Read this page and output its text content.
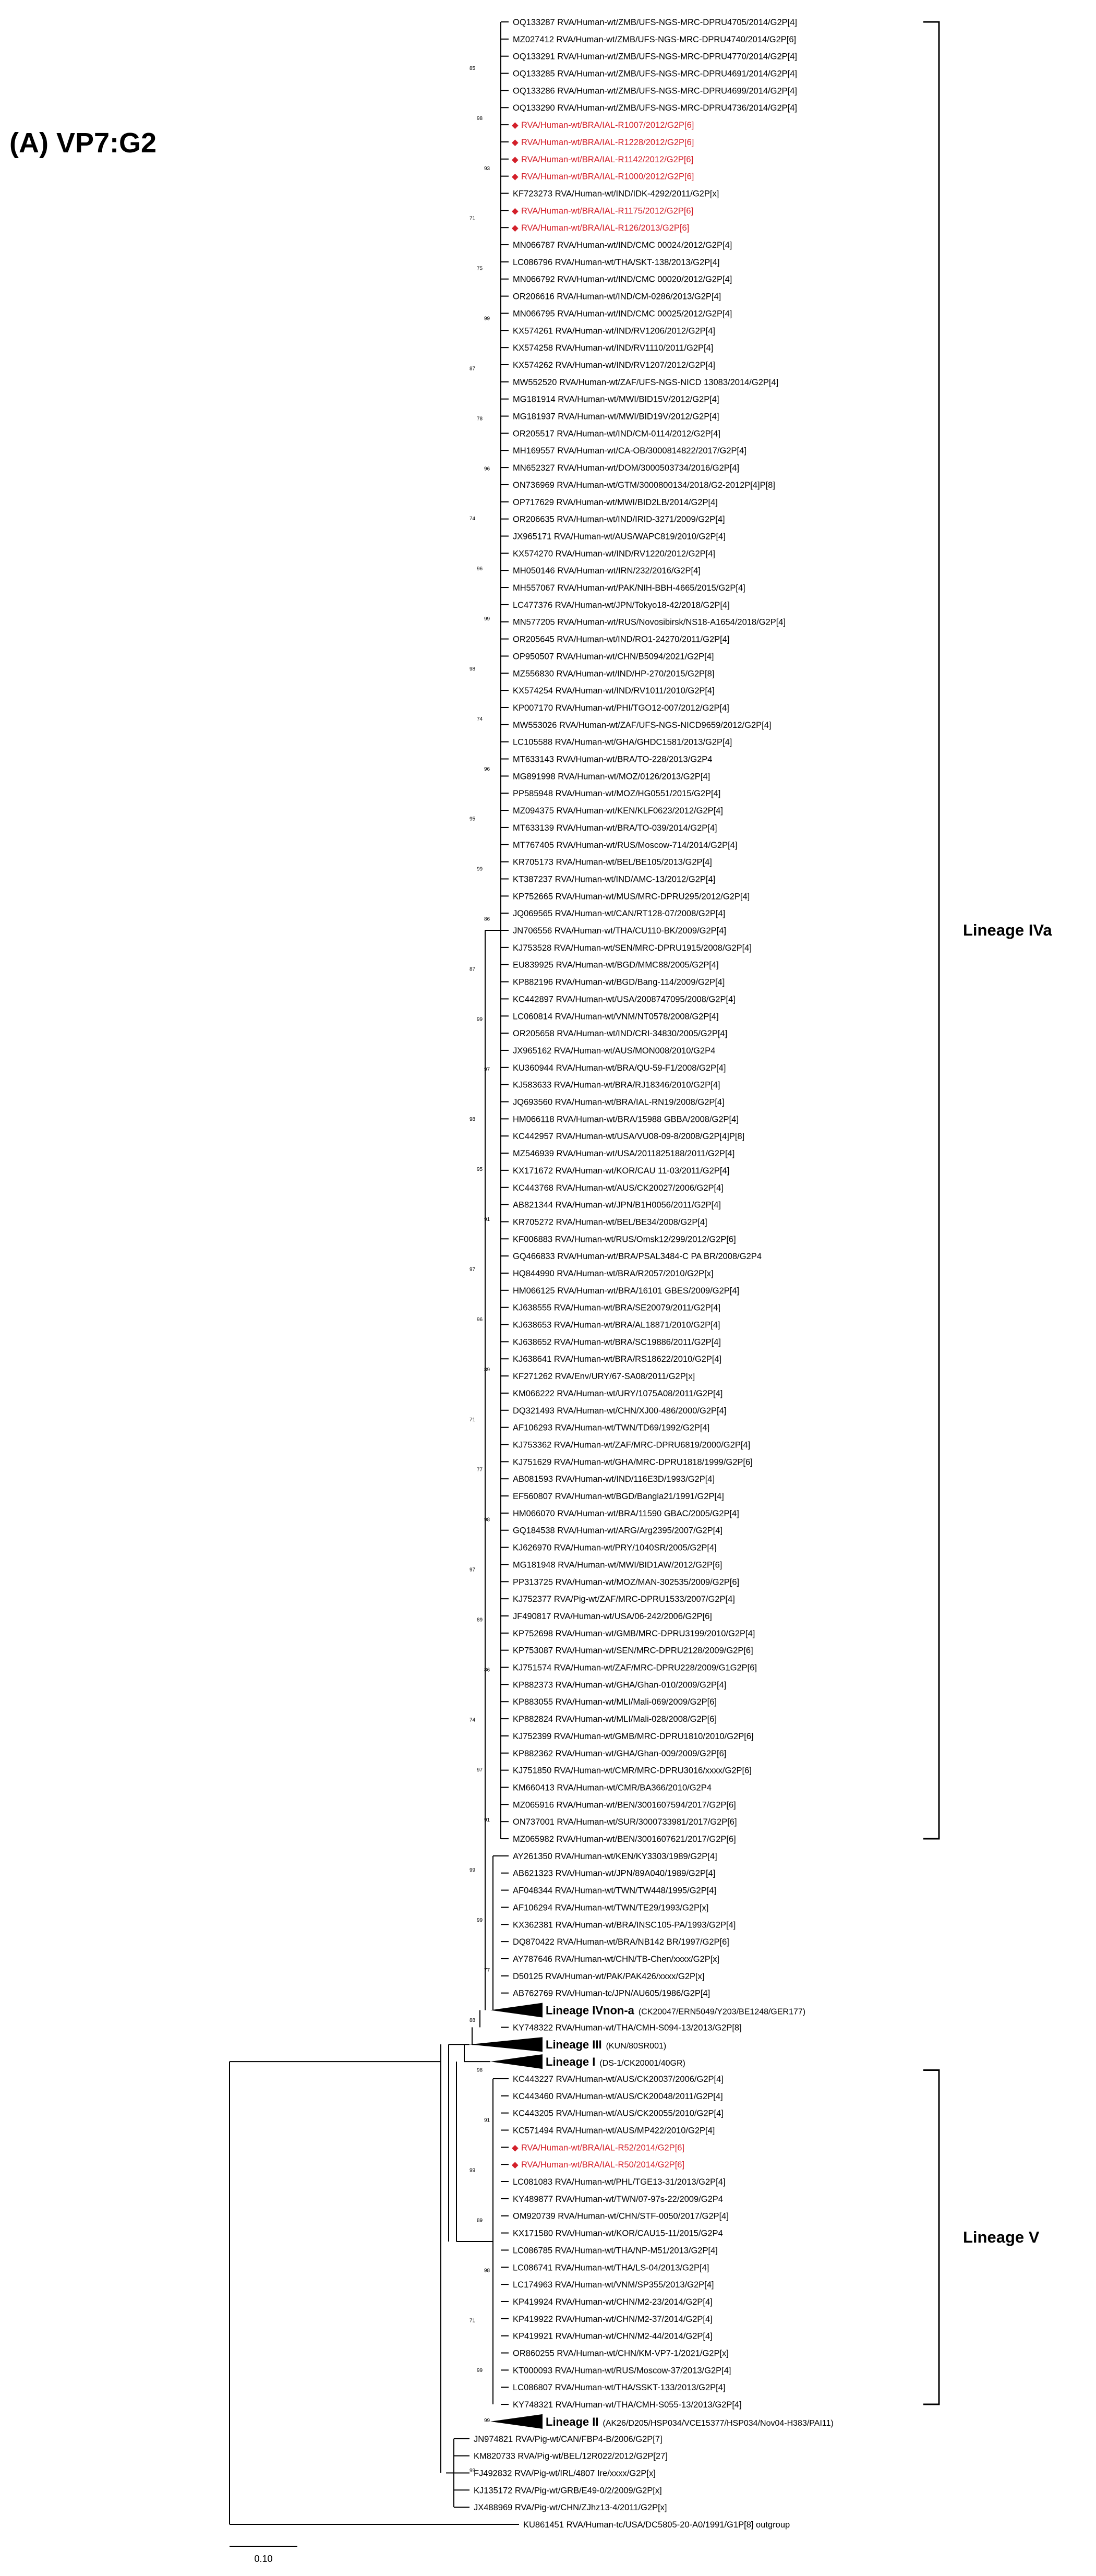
(A) VP7:G2
85
98
93
71
75
99
87
78
96
74
96
99
98
74
96
95
99
86
87
99
97
98
95
91
97
96
89
71
77
98
97
89
86
74
97
91
99
99
77
88
98
91
99
89
98
71
99
99
99
OQ133287 RVA/Human-wt/ZMB/UFS-NGS-MRC-DPRU4705/2014/G2P[4]
MZ027412 RVA/Human-wt/ZMB/UFS-NGS-MRC-DPRU4740/2014/G2P[6]
OQ133291 RVA/Human-wt/ZMB/UFS-NGS-MRC-DPRU4770/2014/G2P[4]
OQ133285 RVA/Human-wt/ZMB/UFS-NGS-MRC-DPRU4691/2014/G2P[4]
OQ133286 RVA/Human-wt/ZMB/UFS-NGS-MRC-DPRU4699/2014/G2P[4]
OQ133290 RVA/Human-wt/ZMB/UFS-NGS-MRC-DPRU4736/2014/G2P[4]
◆ RVA/Human-wt/BRA/IAL-R1007/2012/G2P[6]
◆ RVA/Human-wt/BRA/IAL-R1228/2012/G2P[6]
◆ RVA/Human-wt/BRA/IAL-R1142/2012/G2P[6]
◆ RVA/Human-wt/BRA/IAL-R1000/2012/G2P[6]
KF723273 RVA/Human-wt/IND/IDK-4292/2011/G2P[x]
◆ RVA/Human-wt/BRA/IAL-R1175/2012/G2P[6]
◆ RVA/Human-wt/BRA/IAL-R126/2013/G2P[6]
MN066787 RVA/Human-wt/IND/CMC 00024/2012/G2P[4]
LC086796 RVA/Human-wt/THA/SKT-138/2013/G2P[4]
MN066792 RVA/Human-wt/IND/CMC 00020/2012/G2P[4]
OR206616 RVA/Human-wt/IND/CM-0286/2013/G2P[4]
MN066795 RVA/Human-wt/IND/CMC 00025/2012/G2P[4]
KX574261 RVA/Human-wt/IND/RV1206/2012/G2P[4]
KX574258 RVA/Human-wt/IND/RV1110/2011/G2P[4]
KX574262 RVA/Human-wt/IND/RV1207/2012/G2P[4]
MW552520 RVA/Human-wt/ZAF/UFS-NGS-NICD 13083/2014/G2P[4]
MG181914 RVA/Human-wt/MWI/BID15V/2012/G2P[4]
MG181937 RVA/Human-wt/MWI/BID19V/2012/G2P[4]
OR205517 RVA/Human-wt/IND/CM-0114/2012/G2P[4]
MH169557 RVA/Human-wt/CA-OB/3000814822/2017/G2P[4]
MN652327 RVA/Human-wt/DOM/3000503734/2016/G2P[4]
ON736969 RVA/Human-wt/GTM/3000800134/2018/G2-2012P[4]P[8]
OP717629 RVA/Human-wt/MWI/BID2LB/2014/G2P[4]
OR206635 RVA/Human-wt/IND/IRID-3271/2009/G2P[4]
JX965171 RVA/Human-wt/AUS/WAPC819/2010/G2P[4]
KX574270 RVA/Human-wt/IND/RV1220/2012/G2P[4]
MH050146 RVA/Human-wt/IRN/232/2016/G2P[4]
MH557067 RVA/Human-wt/PAK/NIH-BBH-4665/2015/G2P[4]
LC477376 RVA/Human-wt/JPN/Tokyo18-42/2018/G2P[4]
MN577205 RVA/Human-wt/RUS/Novosibirsk/NS18-A1654/2018/G2P[4]
OR205645 RVA/Human-wt/IND/RO1-24270/2011/G2P[4]
OP950507 RVA/Human-wt/CHN/B5094/2021/G2P[4]
MZ556830 RVA/Human-wt/IND/HP-270/2015/G2P[8]
KX574254 RVA/Human-wt/IND/RV1011/2010/G2P[4]
KP007170 RVA/Human-wt/PHI/TGO12-007/2012/G2P[4]
MW553026 RVA/Human-wt/ZAF/UFS-NGS-NICD9659/2012/G2P[4]
LC105588 RVA/Human-wt/GHA/GHDC1581/2013/G2P[4]
MT633143 RVA/Human-wt/BRA/TO-228/2013/G2P4
MG891998 RVA/Human-wt/MOZ/0126/2013/G2P[4]
PP585948 RVA/Human-wt/MOZ/HG0551/2015/G2P[4]
MZ094375 RVA/Human-wt/KEN/KLF0623/2012/G2P[4]
MT633139 RVA/Human-wt/BRA/TO-039/2014/G2P[4]
MT767405 RVA/Human-wt/RUS/Moscow-714/2014/G2P[4]
KR705173 RVA/Human-wt/BEL/BE105/2013/G2P[4]
KT387237 RVA/Human-wt/IND/AMC-13/2012/G2P[4]
KP752665 RVA/Human-wt/MUS/MRC-DPRU295/2012/G2P[4]
JQ069565 RVA/Human-wt/CAN/RT128-07/2008/G2P[4]
JN706556 RVA/Human-wt/THA/CU110-BK/2009/G2P[4]
KJ753528 RVA/Human-wt/SEN/MRC-DPRU1915/2008/G2P[4]
EU839925 RVA/Human-wt/BGD/MMC88/2005/G2P[4]
KP882196 RVA/Human-wt/BGD/Bang-114/2009/G2P[4]
KC442897 RVA/Human-wt/USA/2008747095/2008/G2P[4]
LC060814 RVA/Human-wt/VNM/NT0578/2008/G2P[4]
OR205658 RVA/Human-wt/IND/CRI-34830/2005/G2P[4]
JX965162 RVA/Human-wt/AUS/MON008/2010/G2P4
KU360944 RVA/Human-wt/BRA/QU-59-F1/2008/G2P[4]
KJ583633 RVA/Human-wt/BRA/RJ18346/2010/G2P[4]
JQ693560 RVA/Human-wt/BRA/IAL-RN19/2008/G2P[4]
HM066118 RVA/Human-wt/BRA/15988 GBBA/2008/G2P[4]
KC442957 RVA/Human-wt/USA/VU08-09-8/2008/G2P[4]P[8]
MZ546939 RVA/Human-wt/USA/2011825188/2011/G2P[4]
KX171672 RVA/Human-wt/KOR/CAU 11-03/2011/G2P[4]
KC443768 RVA/Human-wt/AUS/CK20027/2006/G2P[4]
AB821344 RVA/Human-wt/JPN/B1H0056/2011/G2P[4]
KR705272 RVA/Human-wt/BEL/BE34/2008/G2P[4]
KF006883 RVA/Human-wt/RUS/Omsk12/299/2012/G2P[6]
GQ466833 RVA/Human-wt/BRA/PSAL3484-C PA BR/2008/G2P4
HQ844990 RVA/Human-wt/BRA/R2057/2010/G2P[x]
HM066125 RVA/Human-wt/BRA/16101 GBES/2009/G2P[4]
KJ638555 RVA/Human-wt/BRA/SE20079/2011/G2P[4]
KJ638653 RVA/Human-wt/BRA/AL18871/2010/G2P[4]
KJ638652 RVA/Human-wt/BRA/SC19886/2011/G2P[4]
KJ638641 RVA/Human-wt/BRA/RS18622/2010/G2P[4]
KF271262 RVA/Env/URY/67-SA08/2011/G2P[x]
KM066222 RVA/Human-wt/URY/1075A08/2011/G2P[4]
DQ321493 RVA/Human-wt/CHN/XJ00-486/2000/G2P[4]
AF106293 RVA/Human-wt/TWN/TD69/1992/G2P[4]
KJ753362 RVA/Human-wt/ZAF/MRC-DPRU6819/2000/G2P[4]
KJ751629 RVA/Human-wt/GHA/MRC-DPRU1818/1999/G2P[6]
AB081593 RVA/Human-wt/IND/116E3D/1993/G2P[4]
EF560807 RVA/Human-wt/BGD/Bangla21/1991/G2P[4]
HM066070 RVA/Human-wt/BRA/11590 GBAC/2005/G2P[4]
GQ184538 RVA/Human-wt/ARG/Arg2395/2007/G2P[4]
KJ626970 RVA/Human-wt/PRY/1040SR/2005/G2P[4]
MG181948 RVA/Human-wt/MWI/BID1AW/2012/G2P[6]
PP313725 RVA/Human-wt/MOZ/MAN-302535/2009/G2P[6]
KJ752377 RVA/Pig-wt/ZAF/MRC-DPRU1533/2007/G2P[4]
JF490817 RVA/Human-wt/USA/06-242/2006/G2P[6]
KP752698 RVA/Human-wt/GMB/MRC-DPRU3199/2010/G2P[4]
KP753087 RVA/Human-wt/SEN/MRC-DPRU2128/2009/G2P[6]
KJ751574 RVA/Human-wt/ZAF/MRC-DPRU228/2009/G1G2P[6]
KP882373 RVA/Human-wt/GHA/Ghan-010/2009/G2P[4]
KP883055 RVA/Human-wt/MLI/Mali-069/2009/G2P[6]
KP882824 RVA/Human-wt/MLI/Mali-028/2008/G2P[6]
KJ752399 RVA/Human-wt/GMB/MRC-DPRU1810/2010/G2P[6]
KP882362 RVA/Human-wt/GHA/Ghan-009/2009/G2P[6]
KJ751850 RVA/Human-wt/CMR/MRC-DPRU3016/xxxx/G2P[6]
KM660413 RVA/Human-wt/CMR/BA366/2010/G2P4
MZ065916 RVA/Human-wt/BEN/3001607594/2017/G2P[6]
ON737001 RVA/Human-wt/SUR/3000733981/2017/G2P[6]
MZ065982 RVA/Human-wt/BEN/3001607621/2017/G2P[6]
AY261350 RVA/Human-wt/KEN/KY3303/1989/G2P[4]
AB621323 RVA/Human-wt/JPN/89A040/1989/G2P[4]
AF048344 RVA/Human-wt/TWN/TW448/1995/G2P[4]
AF106294 RVA/Human-wt/TWN/TE29/1993/G2P[x]
KX362381 RVA/Human-wt/BRA/INSC105-PA/1993/G2P[4]
DQ870422 RVA/Human-wt/BRA/NB142 BR/1997/G2P[6]
AY787646 RVA/Human-wt/CHN/TB-Chen/xxxx/G2P[x]
D50125 RVA/Human-wt/PAK/PAK426/xxxx/G2P[x]
AB762769 RVA/Human-tc/JPN/AU605/1986/G2P[4]
Lineage IVnon-a (CK20047/ERN5049/Y203/BE1248/GER177)
KY748322 RVA/Human-wt/THA/CMH-S094-13/2013/G2P[8]
Lineage III (KUN/80SR001)
Lineage I (DS-1/CK20001/40GR)
KC443227 RVA/Human-wt/AUS/CK20037/2006/G2P[4]
KC443460 RVA/Human-wt/AUS/CK20048/2011/G2P[4]
KC443205 RVA/Human-wt/AUS/CK20055/2010/G2P[4]
KC571494 RVA/Human-wt/AUS/MP422/2010/G2P[4]
◆ RVA/Human-wt/BRA/IAL-R52/2014/G2P[6]
◆ RVA/Human-wt/BRA/IAL-R50/2014/G2P[6]
LC081083 RVA/Human-wt/PHL/TGE13-31/2013/G2P[4]
KY489877 RVA/Human-wt/TWN/07-97s-22/2009/G2P4
OM920739 RVA/Human-wt/CHN/STF-0050/2017/G2P[4]
KX171580 RVA/Human-wt/KOR/CAU15-11/2015/G2P4
LC086785 RVA/Human-wt/THA/NP-M51/2013/G2P[4]
LC086741 RVA/Human-wt/THA/LS-04/2013/G2P[4]
LC174963 RVA/Human-wt/VNM/SP355/2013/G2P[4]
KP419924 RVA/Human-wt/CHN/M2-23/2014/G2P[4]
KP419922 RVA/Human-wt/CHN/M2-37/2014/G2P[4]
KP419921 RVA/Human-wt/CHN/M2-44/2014/G2P[4]
OR860255 RVA/Human-wt/CHN/KM-VP7-1/2021/G2P[x]
KT000093 RVA/Human-wt/RUS/Moscow-37/2013/G2P[4]
LC086807 RVA/Human-wt/THA/SSKT-133/2013/G2P[4]
KY748321 RVA/Human-wt/THA/CMH-S055-13/2013/G2P[4]
Lineage II (AK26/D205/HSP034/VCE15377/HSP034/Nov04-H383/PAI11)
JN974821 RVA/Pig-wt/CAN/FBP4-B/2006/G2P[7]
KM820733 RVA/Pig-wt/BEL/12R022/2012/G2P[27]
FJ492832 RVA/Pig-wt/IRL/4807 Ire/xxxx/G2P[x]
KJ135172 RVA/Pig-wt/GRB/E49-0/2/2009/G2P[x]
JX488969 RVA/Pig-wt/CHN/ZJhz13-4/2011/G2P[x]
KU861451 RVA/Human-tc/USA/DC5805-20-A0/1991/G1P[8] outgroup
Lineage IVa
Lineage V
0.10
